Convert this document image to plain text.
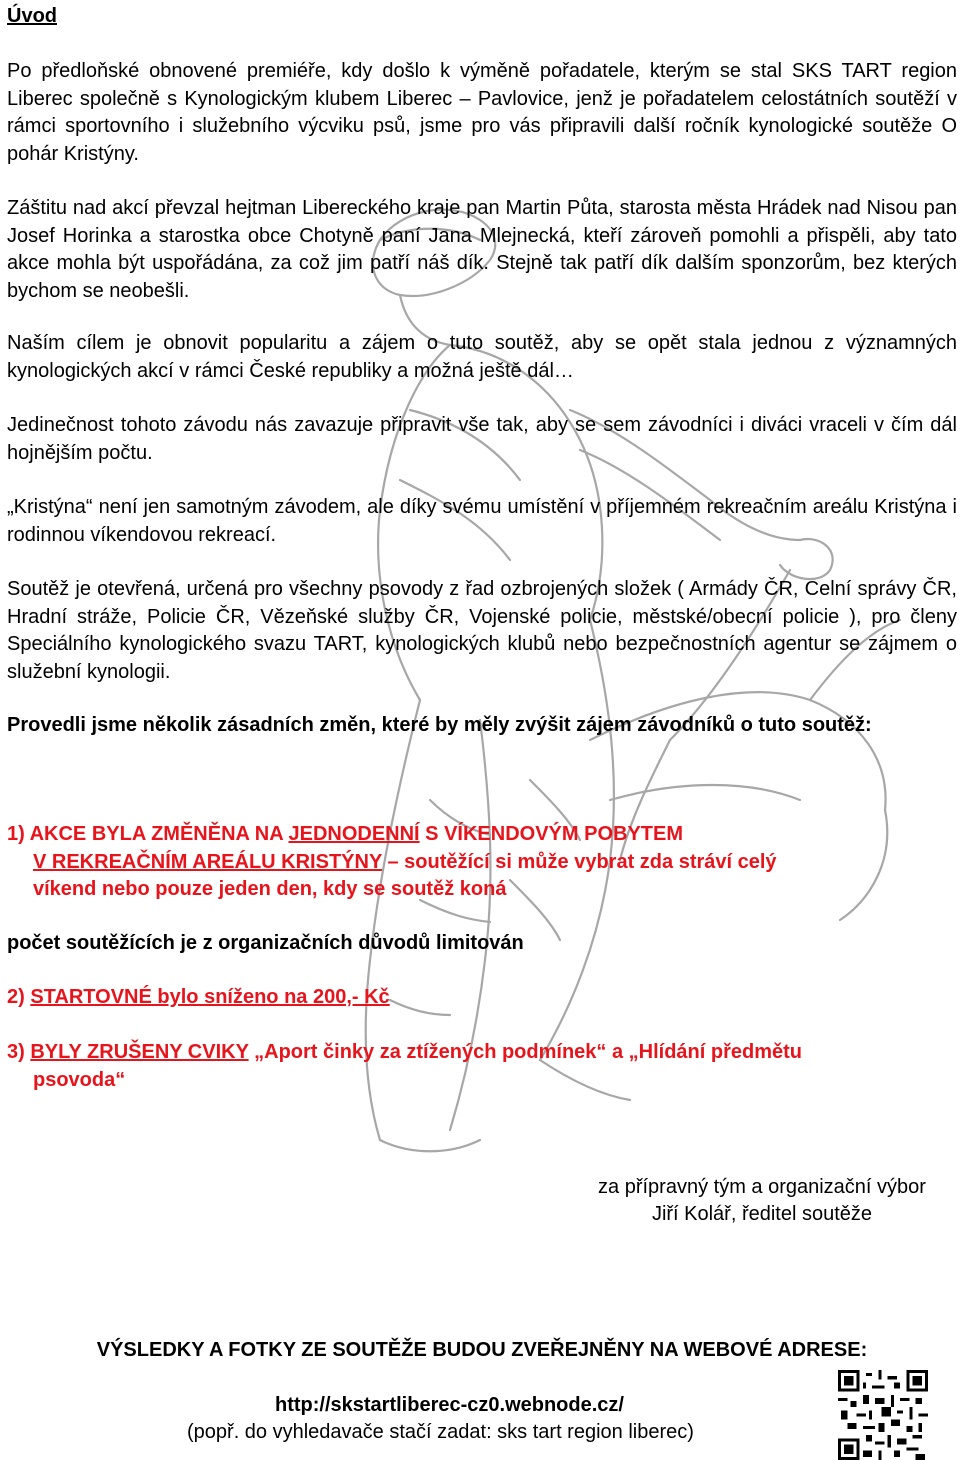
Úvod
Po předloňské obnovené premiéře, kdy došlo k výměně pořadatele, kterým se stal SKS TART region Liberec společně s Kynologickým klubem Liberec – Pavlovice, jenž je pořadatelem celostátních soutěží v rámci sportovního i služebního výcviku psů, jsme pro vás připravili další ročník kynologické soutěže O pohár Kristýny.
Záštitu nad akcí převzal hejtman Libereckého kraje pan Martin Půta, starosta města Hrádek nad Nisou pan Josef Horinka a starostka obce Chotyně paní Jana Mlejnecká, kteří zároveň pomohli a přispěli, aby tato akce mohla být uspořádána, za což jim patří náš dík. Stejně tak patří dík dalším sponzorům, bez kterých bychom se neobešli.
Naším cílem je obnovit popularitu a zájem o tuto soutěž, aby se opět stala jednou z významných kynologických akcí v rámci České republiky a možná ještě dál…
Jedinečnost tohoto závodu nás zavazuje připravit vše tak, aby se sem závodníci i diváci vraceli v čím dál hojnějším počtu.
„Kristýna“ není jen samotným závodem, ale díky svému umístění v příjemném rekreačním areálu Kristýna i rodinnou víkendovou rekreací.
Soutěž je otevřená, určená pro všechny psovody z řad ozbrojených složek ( Armády ČR, Celní správy ČR, Hradní stráže, Policie ČR, Vězeňské služby ČR, Vojenské policie, městské/obecní policie ), pro členy Speciálního kynologického svazu TART, kynologických klubů nebo bezpečnostních agentur se zájmem o služební kynologii.
Provedli jsme několik zásadních změn, které by měly zvýšit zájem závodníků o tuto soutěž:
1) AKCE BYLA ZMĚNĚNA NA JEDNODENNÍ S VÍKENDOVÝM POBYTEM
V REKREAČNÍM AREÁLU KRISTÝNY – soutěžící si může vybrat zda stráví celý
víkend nebo pouze jeden den, kdy se soutěž koná
počet soutěžících je z organizačních důvodů limitován
2) STARTOVNÉ bylo sníženo na 200,- Kč
3) BYLY ZRUŠENY CVIKY „Aport činky za ztížených podmínek“ a „Hlídání předmětu
psovoda“
za přípravný tým a organizační výbor
Jiří Kolář, ředitel soutěže
VÝSLEDKY A FOTKY ZE SOUTĚŽE BUDOU ZVEŘEJNĚNY NA WEBOVÉ ADRESE:
http://skstartliberec-cz0.webnode.cz/
(popř. do vyhledavače stačí zadat: sks tart region liberec)
